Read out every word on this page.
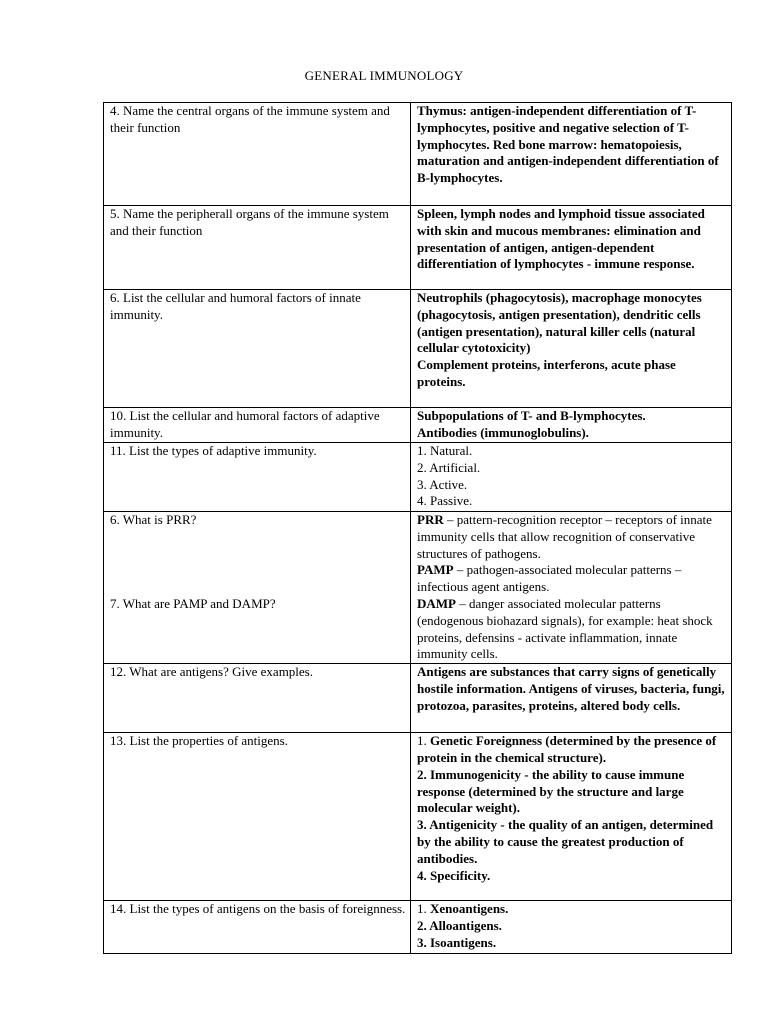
GENERAL IMMUNOLOGY
4. Name the central organs of the immune system and their function	Thymus: antigen-independent differentiation of T-lymphocytes, positive and negative selection of T-lymphocytes. Red bone marrow: hematopoiesis, maturation and antigen-independent differentiation of B-lymphocytes.
5. Name the peripherall organs of the immune system and their function	Spleen, lymph nodes and lymphoid tissue associated with skin and mucous membranes: elimination and presentation of antigen, antigen-dependent differentiation of lymphocytes - immune response.
6. List the cellular and humoral factors of innate immunity.	Neutrophils (phagocytosis), macrophage monocytes (phagocytosis, antigen presentation), dendritic cells (antigen presentation), natural killer cells (natural cellular cytotoxicity)
Complement proteins, interferons, acute phase proteins.

10. List the cellular and humoral factors of adaptive immunity.	Subpopulations of T- and B-lymphocytes.
Antibodies (immunoglobulins).

11. List the types of adaptive immunity.	1. Natural.
2. Artificial.
3. Active.
4. Passive.

6. What is PRR?
7. What are PAMP and DAMP?	PRR – pattern-recognition receptor – receptors of innate immunity cells that allow recognition of conservative structures of pathogens.
PAMP – pathogen-associated molecular patterns – infectious agent antigens.
DAMP – danger associated molecular patterns (endogenous biohazard signals), for example: heat shock proteins, defensins - activate inflammation, innate immunity cells.

12. What are antigens? Give examples.	Antigens are substances that carry signs of genetically hostile information. Antigens of viruses, bacteria, fungi, protozoa, parasites, proteins, altered body cells.
13. List the properties of antigens.	1. Genetic Foreignness (determined by the presence of protein in the chemical structure).
2. Immunogenicity - the ability to cause immune response (determined by the structure and large molecular weight).
3. Antigenicity - the quality of an antigen, determined by the ability to cause the greatest production of antibodies.
4. Specificity.

14. List the types of antigens on the basis of foreignness.	1. Xenoantigens.
2. Alloantigens.
3. Isoantigens.
